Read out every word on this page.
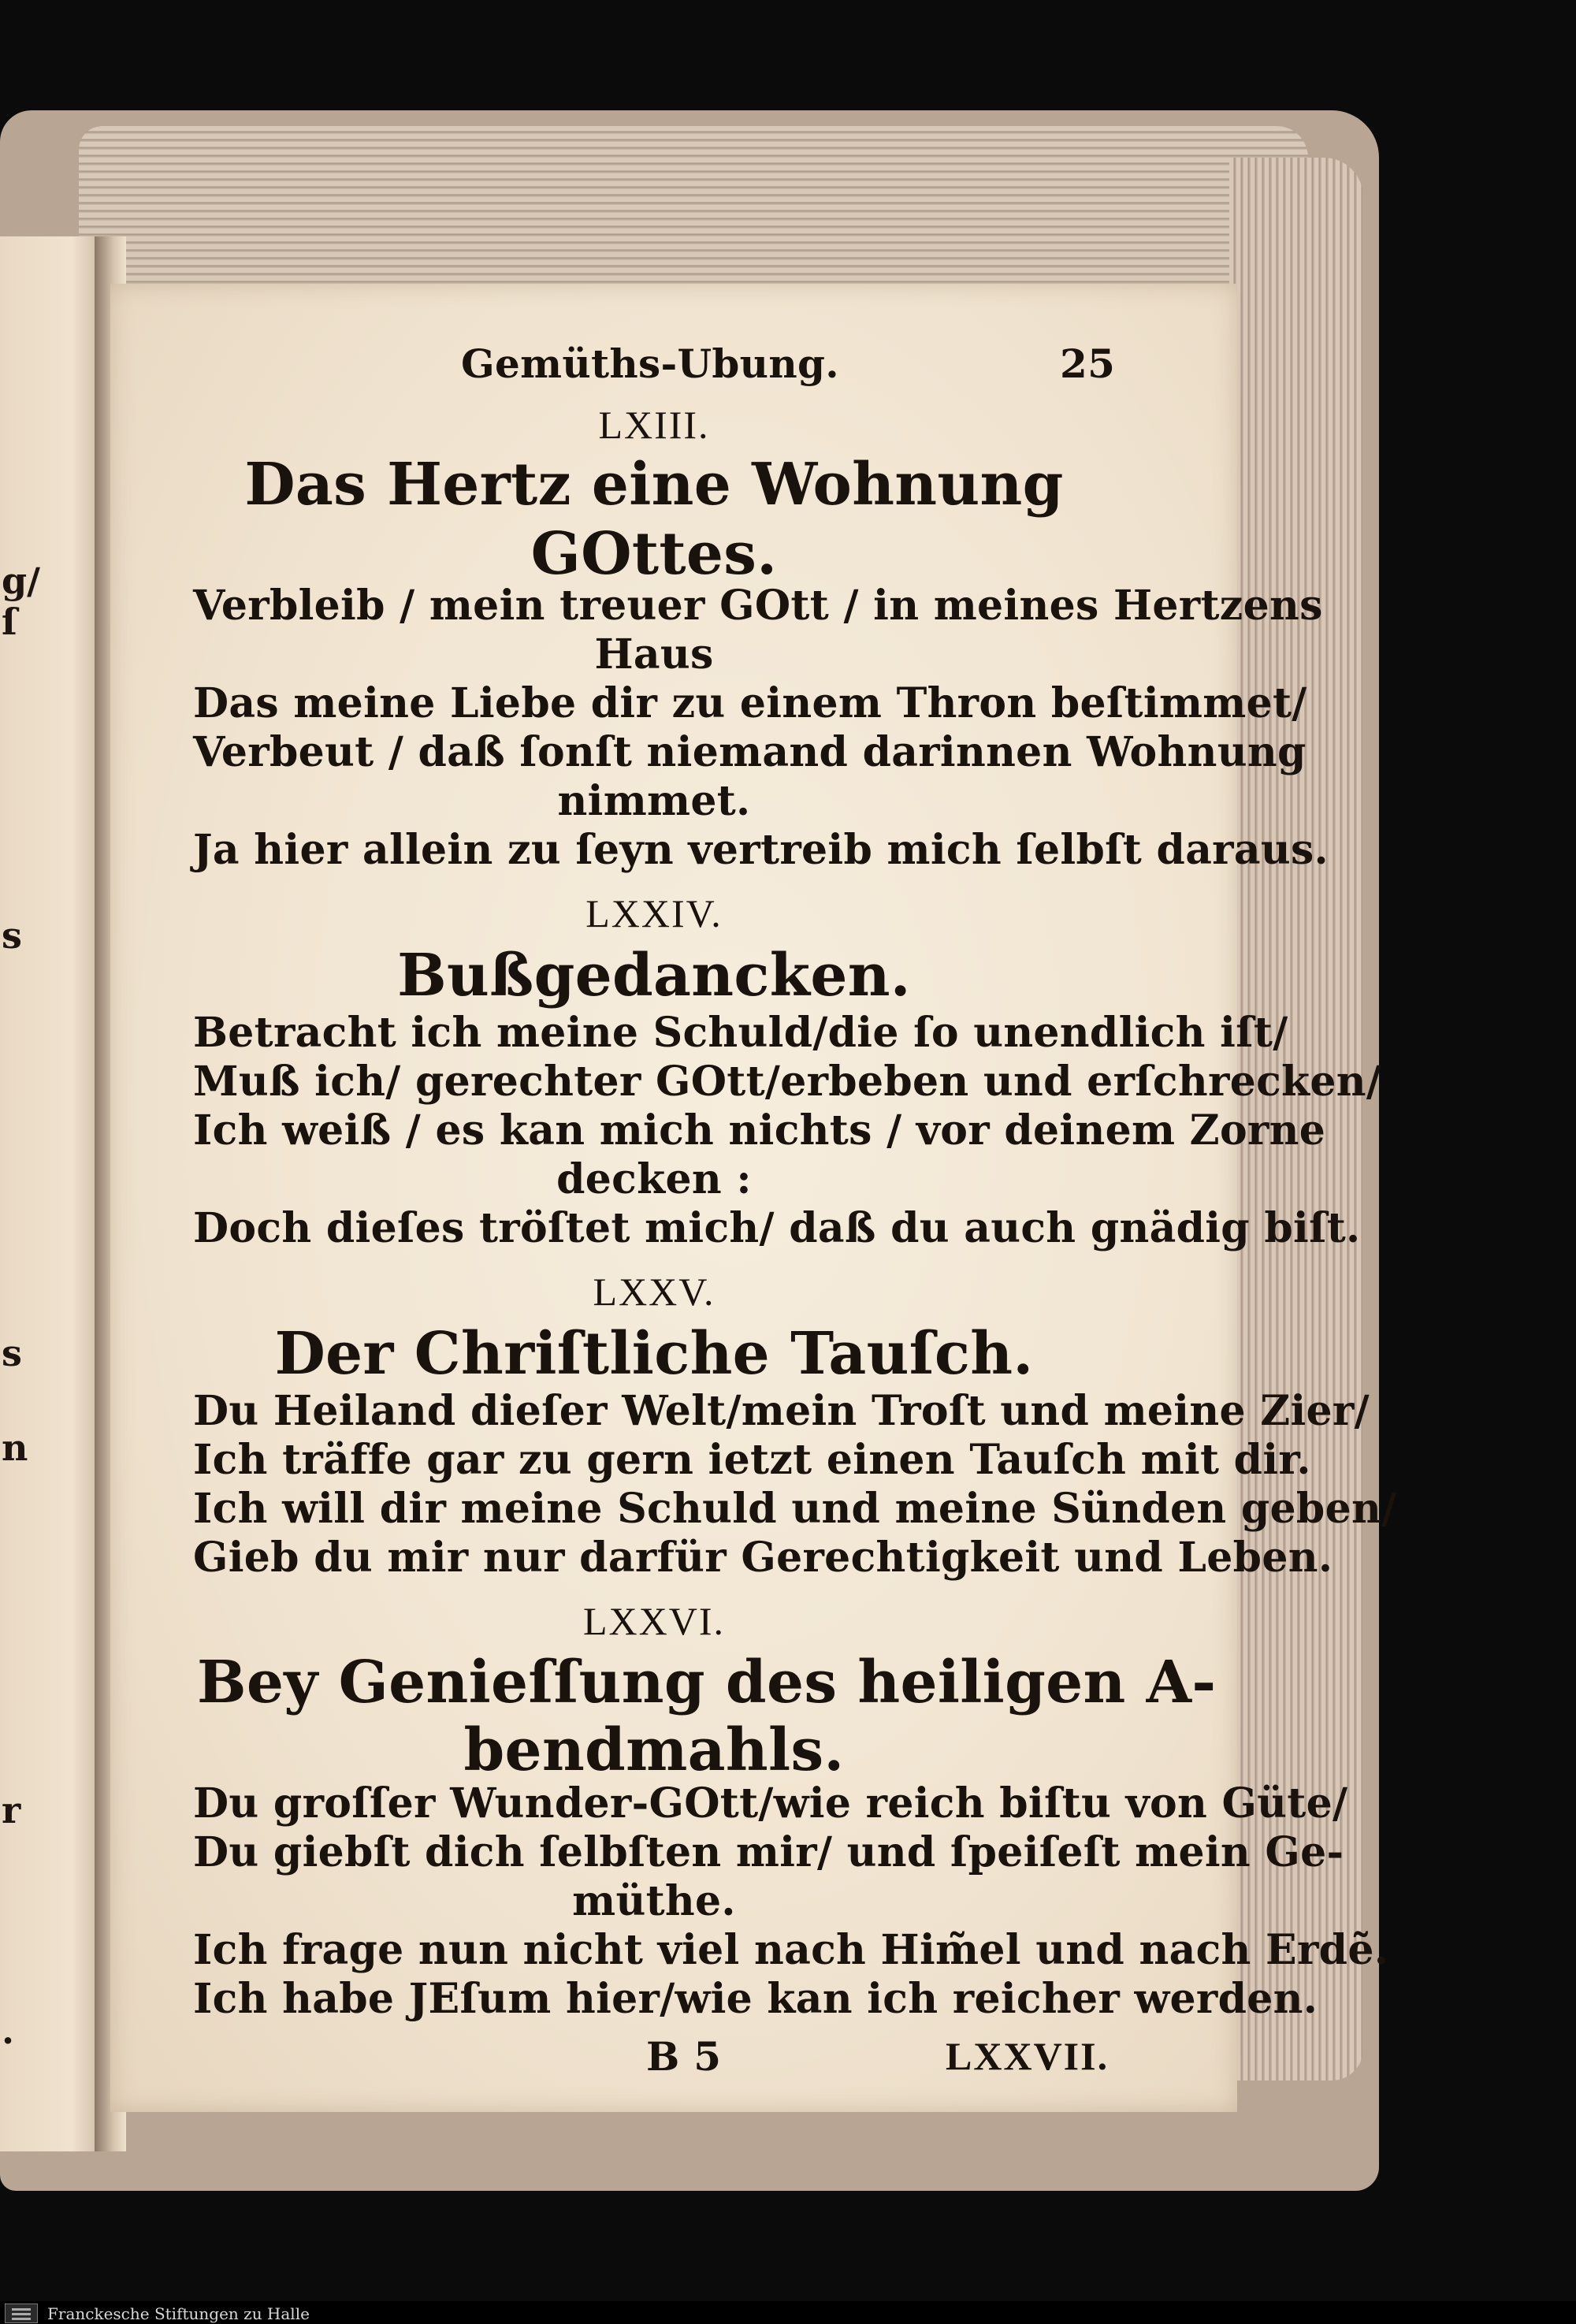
g/
ſ
s
s
n
r
.
Gemüths-Ubung.	25
LXIII.
Das Hertz eine Wohnung
GOttes.
Verbleib / mein treuer GOtt / in meines Hertzens
Haus
Das meine Liebe dir zu einem Thron beſtimmet/
Verbeut / daß ſonſt niemand darinnen Wohnung
nimmet.
Ja hier allein zu ſeyn vertreib mich ſelbſt daraus.
LXXIV.
Bußgedancken.
Betracht ich meine Schuld/die ſo unendlich iſt/
Muß ich/ gerechter GOtt/erbeben und erſchrecken/
Ich weiß / es kan mich nichts / vor deinem Zorne
decken :
Doch dieſes tröſtet mich/ daß du auch gnädig biſt.
LXXV.
Der Chriſtliche Tauſch.
Du Heiland dieſer Welt/mein Troſt und meine Zier/
Ich träffe gar zu gern ietzt einen Tauſch mit dir.
Ich will dir meine Schuld und meine Sünden geben/
Gieb du mir nur darfür Gerechtigkeit und Leben.
LXXVI.
Bey Genieſſung des heiligen A-
bendmahls.
Du groſſer Wunder-GOtt/wie reich biſtu von Güte/
Du giebſt dich ſelbſten mir/ und ſpeiſeſt mein Ge-
müthe.
Ich frage nun nicht viel nach Him̃el und nach Erdẽ.
Ich habe JEſum hier/wie kan ich reicher werden.
B 5	LXXVII.
Franckesche Stiftungen zu Halle
